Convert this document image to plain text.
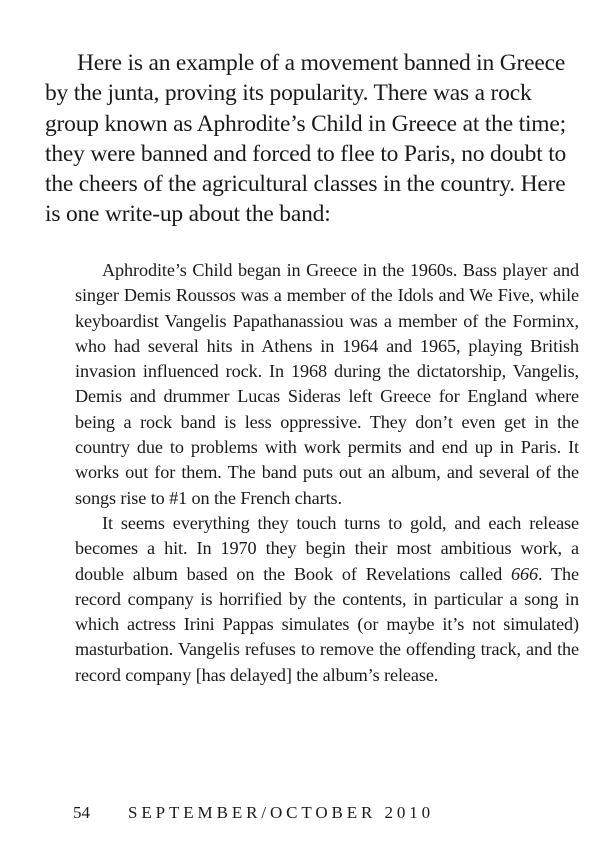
Here is an example of a movement banned in Greece by the junta, proving its popularity. There was a rock group known as Aphrodite’s Child in Greece at the time; they were banned and forced to flee to Paris, no doubt to the cheers of the agricultural classes in the country. Here is one write-up about the band:

Aphrodite’s Child began in Greece in the 1960s. Bass player and singer Demis Roussos was a member of the Idols and We Five, while keyboardist Vangelis Papathanassiou was a member of the Forminx, who had several hits in Athens in 1964 and 1965, playing British invasion influenced rock. In 1968 during the dictatorship, Vangelis, Demis and drummer Lucas Sideras left Greece for England where being a rock band is less oppressive. They don’t even get in the country due to problems with work permits and end up in Paris. It works out for them. The band puts out an album, and several of the songs rise to #1 on the French charts.

It seems everything they touch turns to gold, and each release becomes a hit. In 1970 they begin their most ambitious work, a double album based on the Book of Revelations called 666. The record company is horrified by the contents, in particular a song in which actress Irini Pappas simulates (or maybe it’s not simulated) masturbation. Vangelis refuses to remove the offending track, and the record company [has delayed] the album’s release.

54 SEPTEMBER/OCTOBER 2010
